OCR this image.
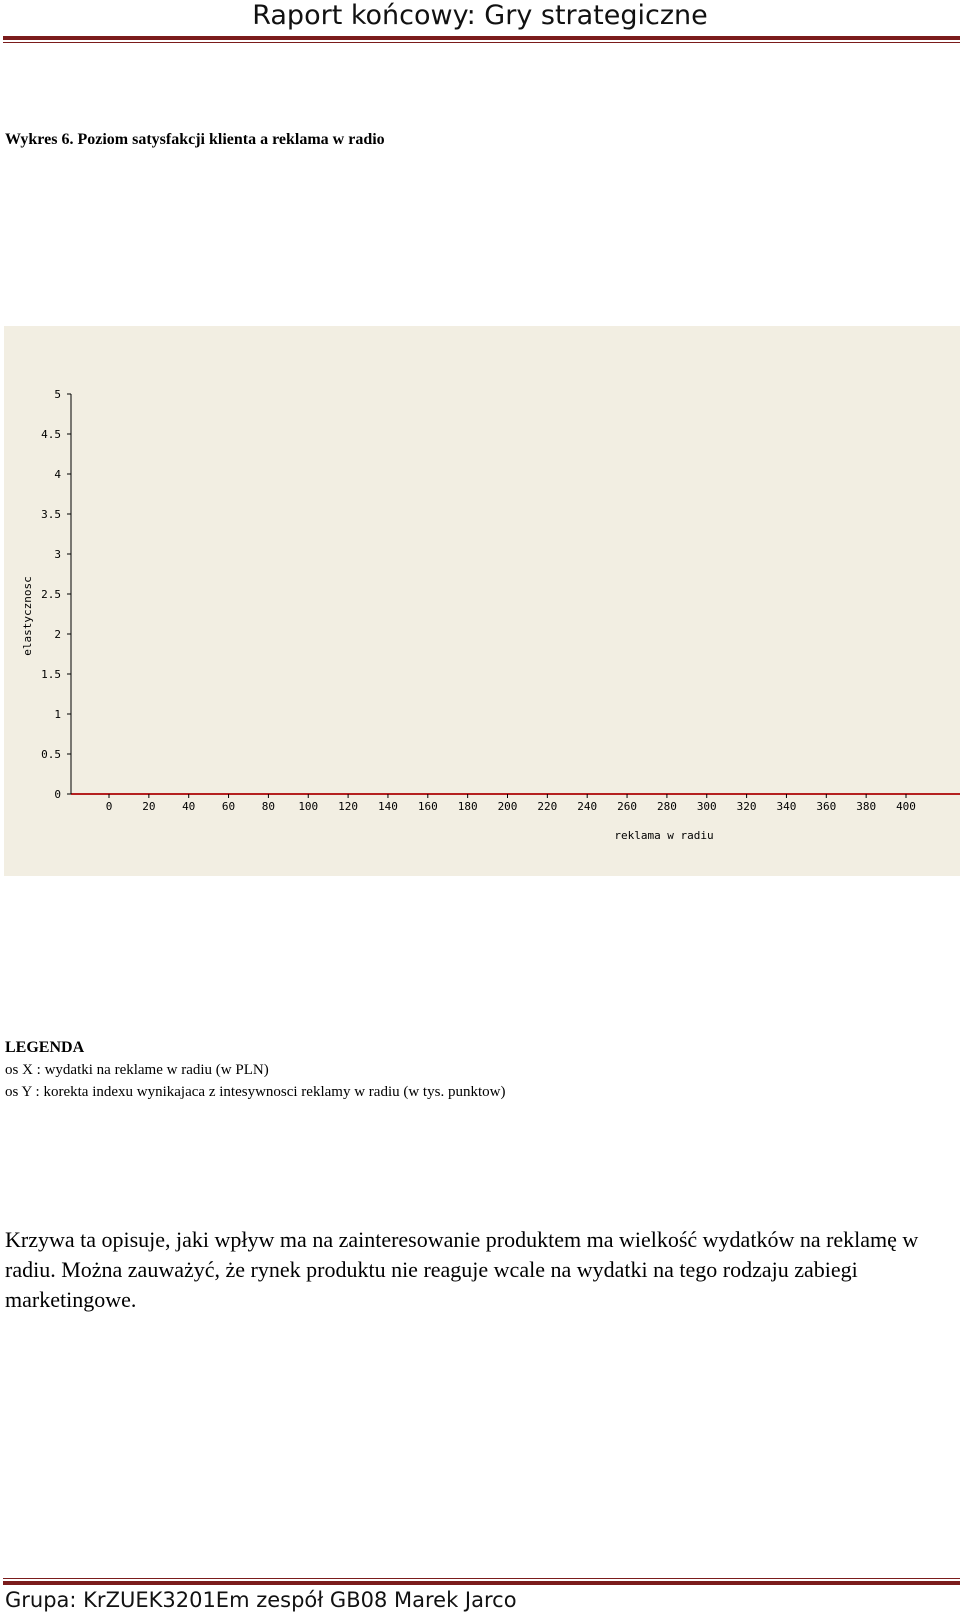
Raport końcowy: Gry strategiczne
Wykres 6. Poziom satysfakcji klienta a reklama w radio
0
0.5
1
1.5
2
2.5
3
3.5
4
4.5
5
0	20 40 60 80 100 120 140 160 180 200 220 240 260 280 300 320 340 360 380 400
reklama w radiu
elastycznosc
LEGENDA
os X : wydatki na reklame w radiu (w PLN)
os Y : korekta indexu wynikajaca z intesywnosci reklamy w radiu (w tys. punktow)
Krzywa ta opisuje, jaki wpływ ma na zainteresowanie produktem ma wielkość wydatków na reklamę w radiu. Można zauważyć, że rynek produktu nie reaguje wcale na wydatki na tego rodzaju zabiegi marketingowe.
Grupa: KrZUEK3201Em zespół GB08 Marek Jarco
